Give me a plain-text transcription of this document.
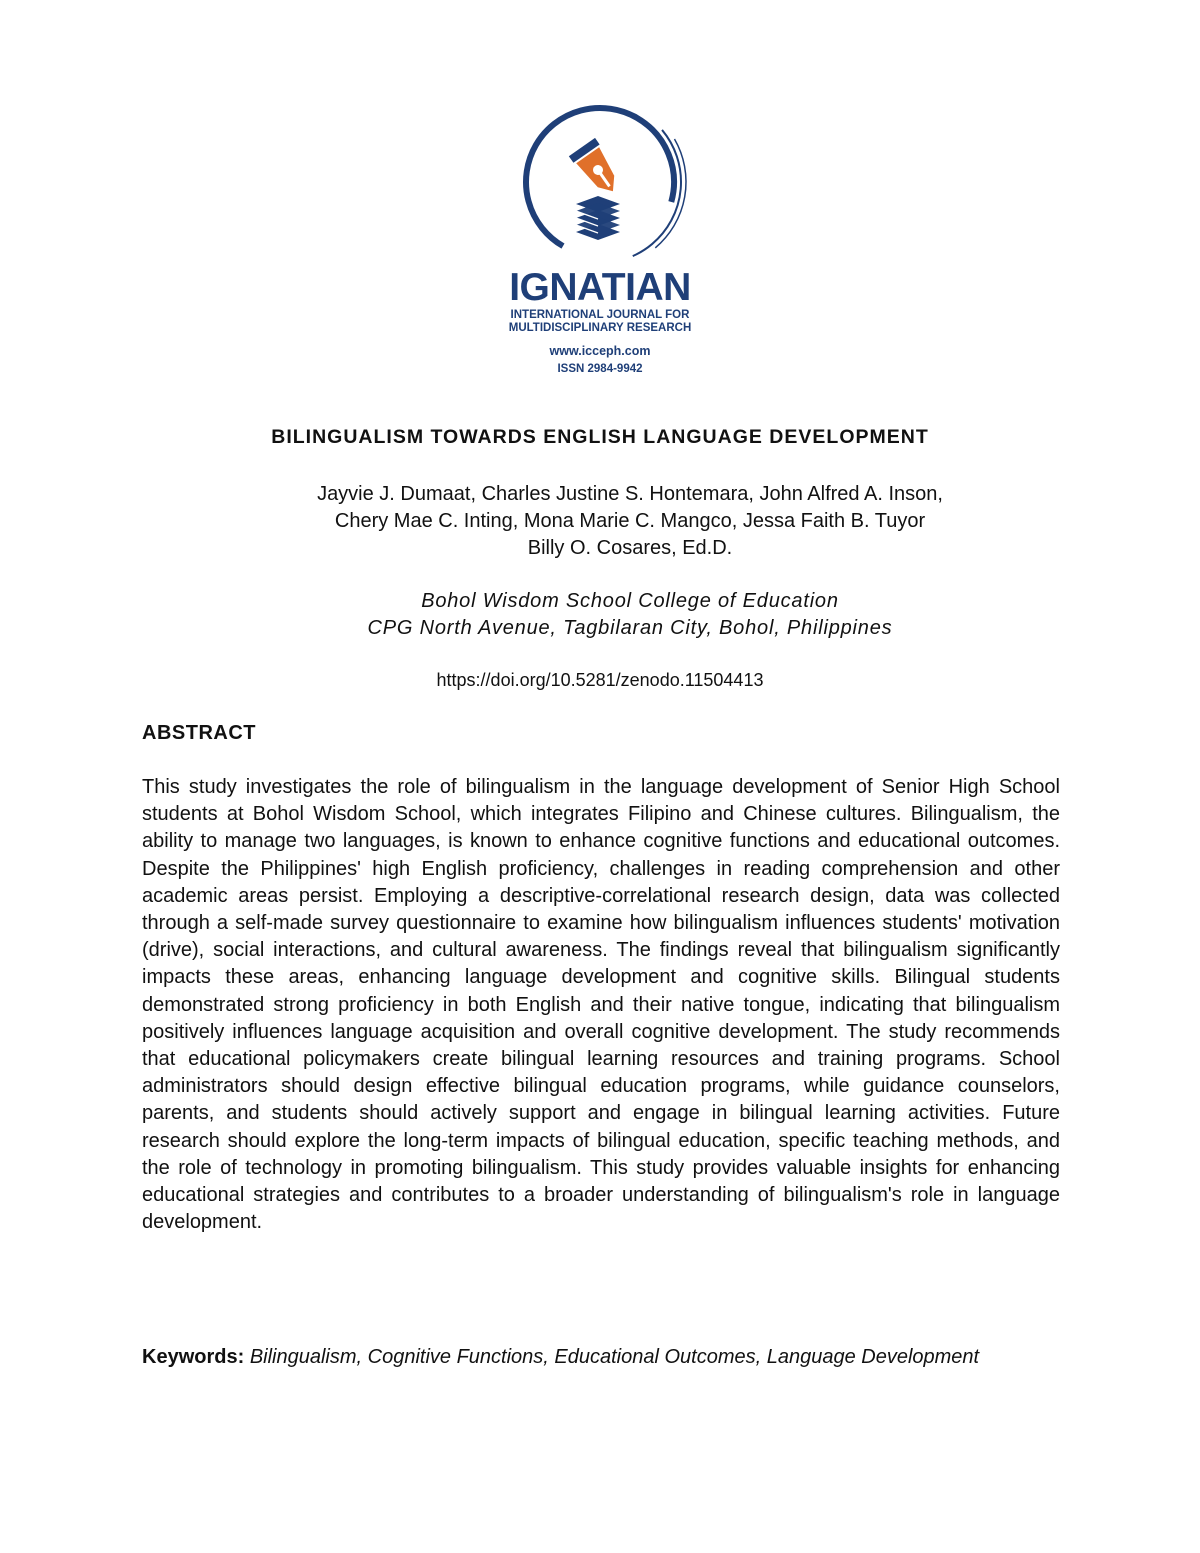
IGNATIAN
INTERNATIONAL JOURNAL FOR
MULTIDISCIPLINARY RESEARCH
www.icceph.com
ISSN 2984-9942
BILINGUALISM TOWARDS ENGLISH LANGUAGE DEVELOPMENT
Jayvie J. Dumaat, Charles Justine S. Hontemara, John Alfred A. Inson,
Chery Mae C. Inting, Mona Marie C. Mangco, Jessa Faith B. Tuyor
Billy O. Cosares, Ed.D.
Bohol Wisdom School College of Education
CPG North Avenue, Tagbilaran City, Bohol, Philippines
https://doi.org/10.5281/zenodo.11504413
ABSTRACT
This study investigates the role of bilingualism in the language development of Senior High School students at Bohol Wisdom School, which integrates Filipino and Chinese cultures. Bilingualism, the ability to manage two languages, is known to enhance cognitive functions and educational outcomes. Despite the Philippines' high English proficiency, challenges in reading comprehension and other academic areas persist. Employing a descriptive-correlational research design, data was collected through a self-made survey questionnaire to examine how bilingualism influences students' motivation (drive), social interactions, and cultural awareness. The findings reveal that bilingualism significantly impacts these areas, enhancing language development and cognitive skills. Bilingual students demonstrated strong proficiency in both English and their native tongue, indicating that bilingualism positively influences language acquisition and overall cognitive development. The study recommends that educational policymakers create bilingual learning resources and training programs. School administrators should design effective bilingual education programs, while guidance counselors, parents, and students should actively support and engage in bilingual learning activities. Future research should explore the long-term impacts of bilingual education, specific teaching methods, and the role of technology in promoting bilingualism. This study provides valuable insights for enhancing educational strategies and contributes to a broader understanding of bilingualism's role in language development.
Keywords: Bilingualism, Cognitive Functions, Educational Outcomes, Language Development
